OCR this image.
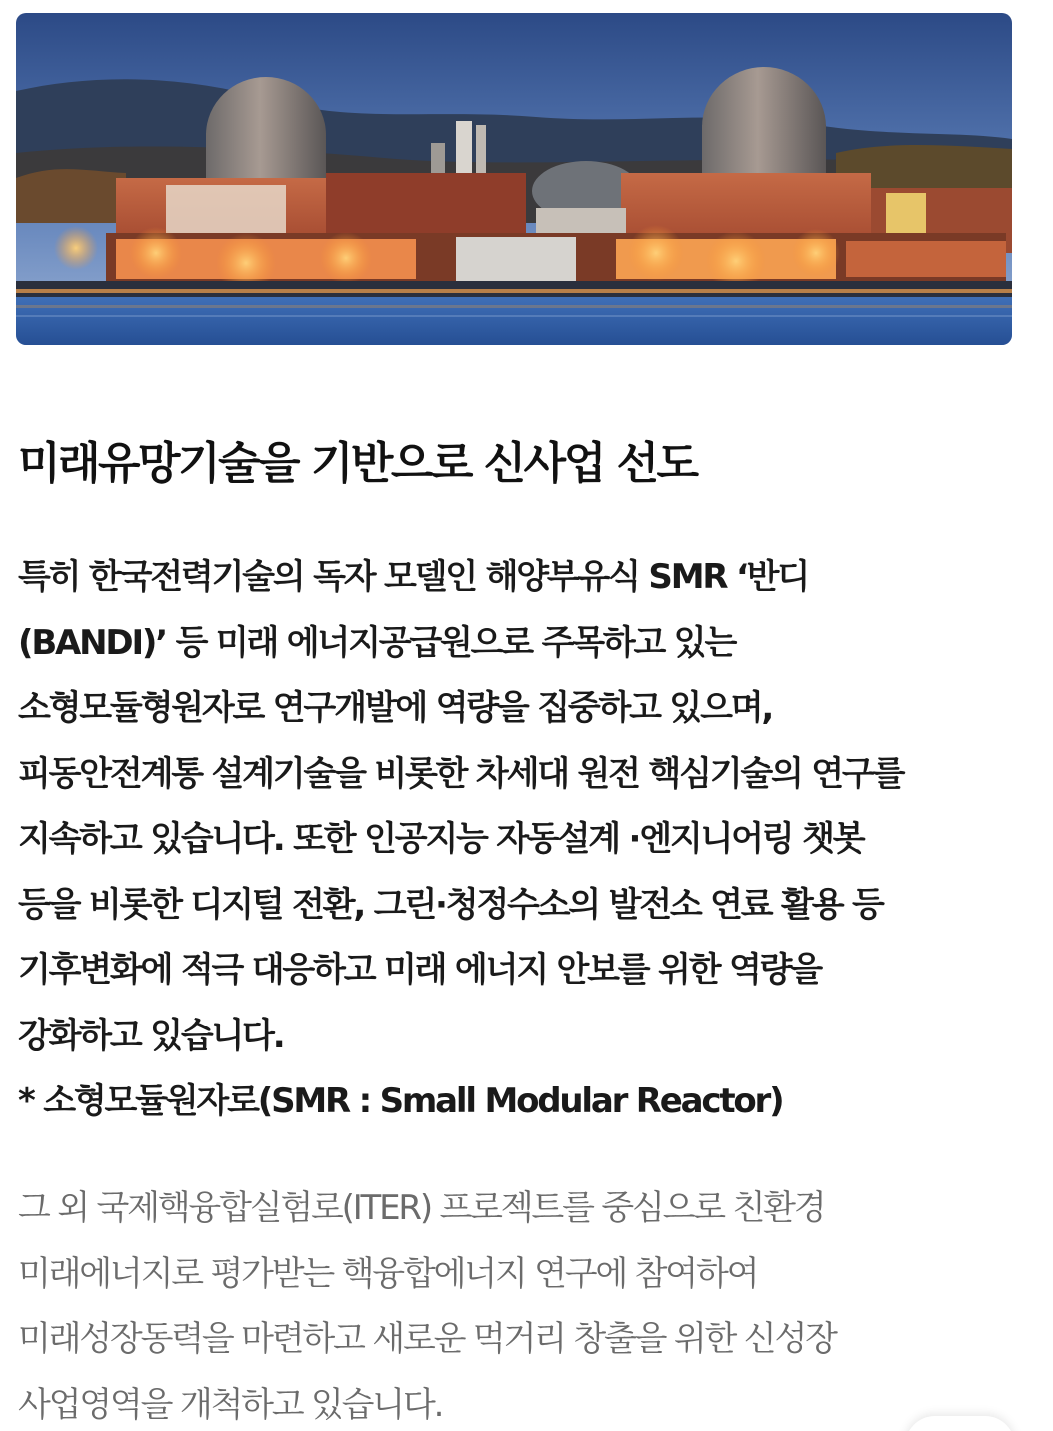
미래유망기술을 기반으로 신사업 선도

특히 한국전력기술의 독자 모델인 해양부유식 SMR ‘반디
(BANDI)’ 등 미래 에너지공급원으로 주목하고 있는
소형모듈형원자로 연구개발에 역량을 집중하고 있으며,
피동안전계통 설계기술을 비롯한 차세대 원전 핵심기술의 연구를
지속하고 있습니다. 또한 인공지능 자동설계 ·엔지니어링 챗봇
등을 비롯한 디지털 전환, 그린·청정수소의 발전소 연료 활용 등
기후변화에 적극 대응하고 미래 에너지 안보를 위한 역량을
강화하고 있습니다.
* 소형모듈원자로(SMR : Small Modular Reactor)

그 외 국제핵융합실험로(ITER) 프로젝트를 중심으로 친환경
미래에너지로 평가받는 핵융합에너지 연구에 참여하여
미래성장동력을 마련하고 새로운 먹거리 창출을 위한 신성장
사업영역을 개척하고 있습니다.
